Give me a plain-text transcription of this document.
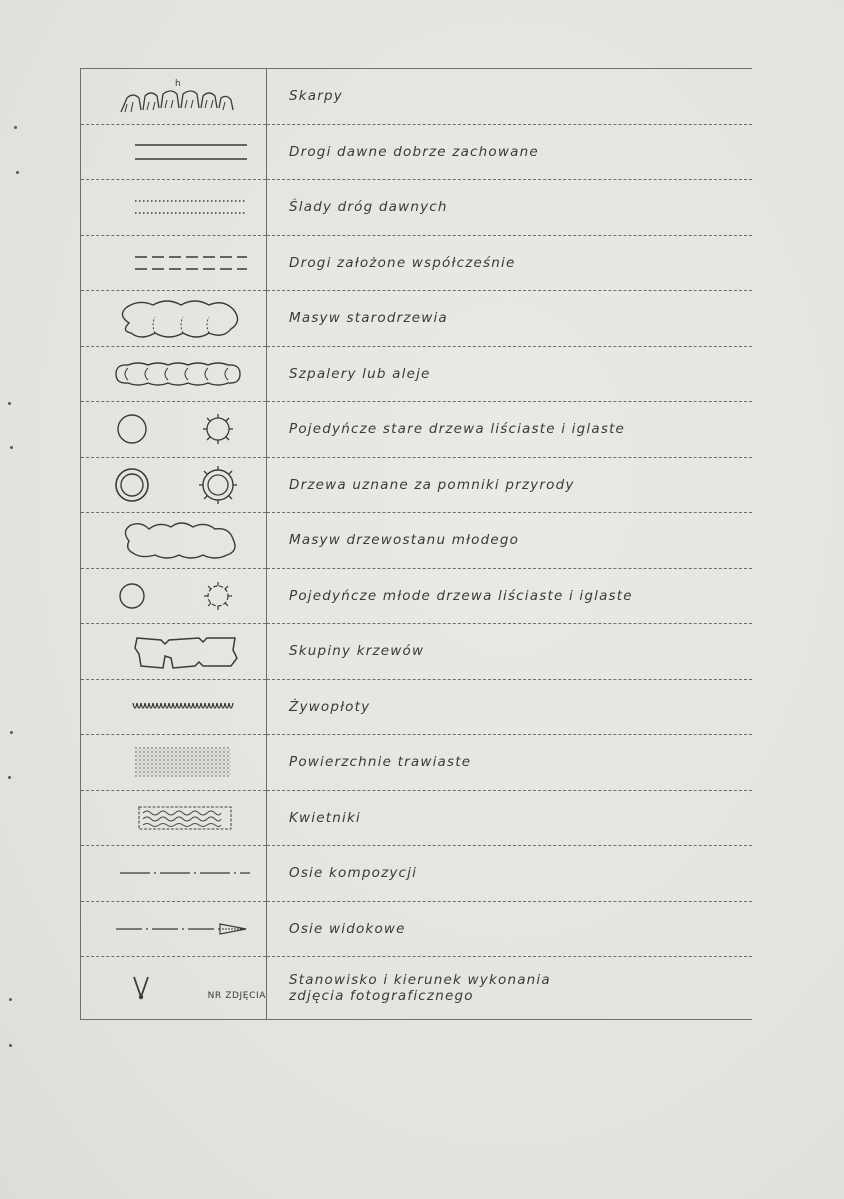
h	Skarpy

	Drogi dawne dobrze zachowane

	Ślady dróg dawnych

	Drogi założone współcześnie

	Masyw starodrzewia

	Szpalery lub aleje

	Pojedyńcze stare drzewa liściaste i iglaste

	Drzewa uznane za pomniki przyrody

	Masyw drzewostanu młodego

	Pojedyńcze młode drzewa liściaste i iglaste

	Skupiny krzewów

	Żywopłoty

	Powierzchnie trawiaste

	Kwietniki

	Osie kompozycji

	Osie widokowe

NR ZDJĘCIA	Stanowisko i kierunek wykonania
zdjęcia fotograficznego
